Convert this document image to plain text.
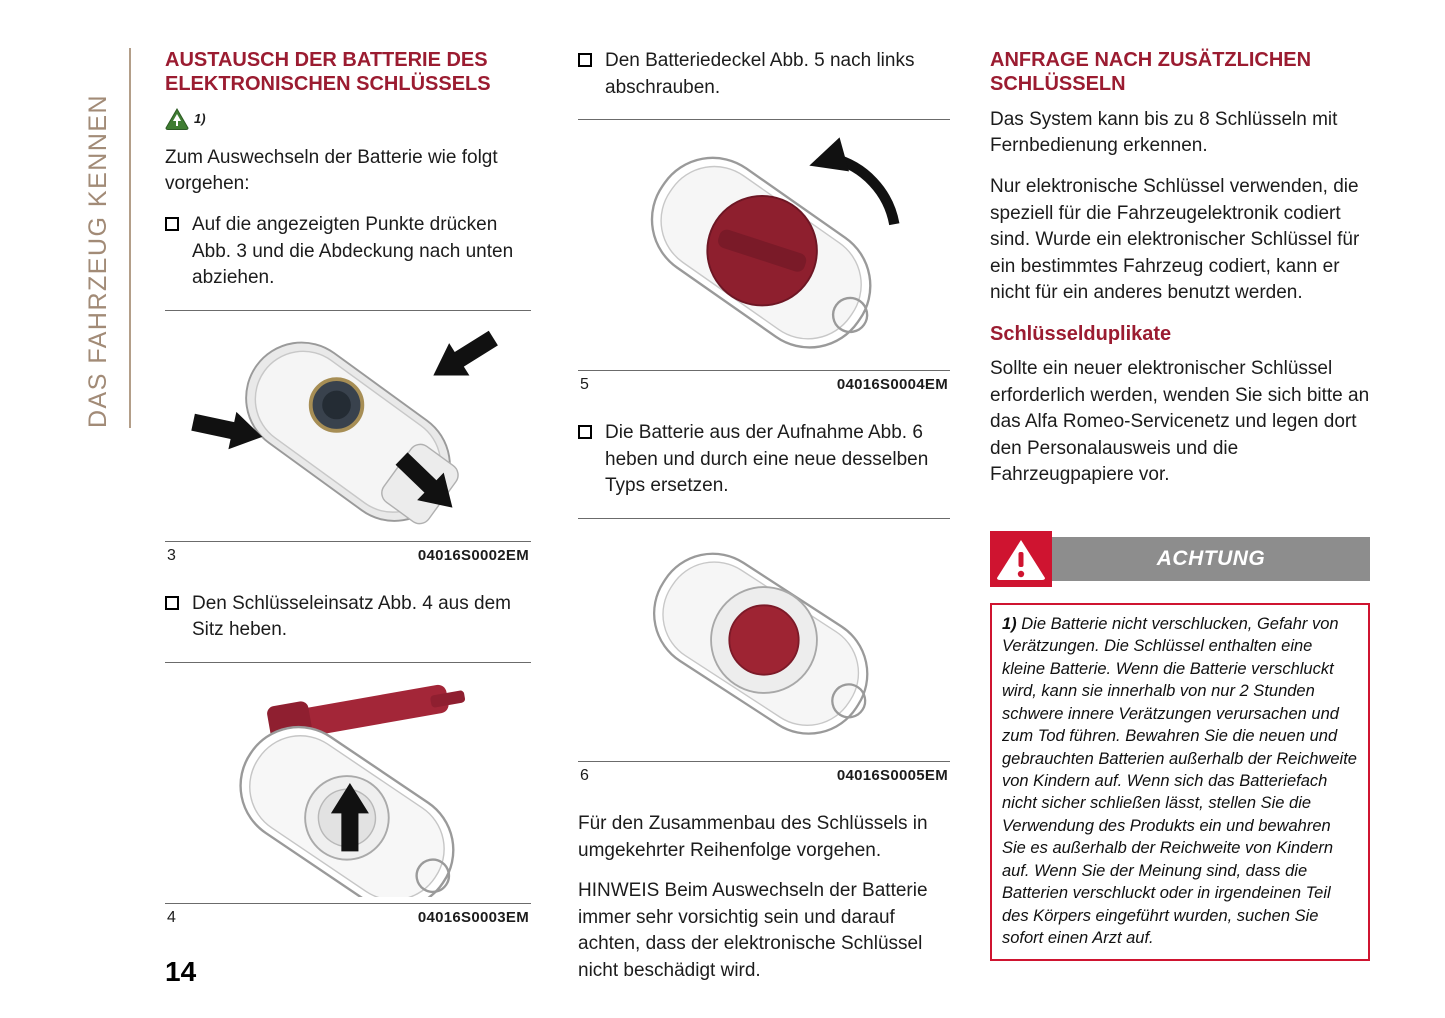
DAS FAHRZEUG KENNEN
AUSTAUSCH DER BATTERIE DES ELEKTRONISCHEN SCHLÜSSELS
1)

Zum Auswechseln der Batterie wie folgt vorgehen:

Auf die angezeigten Punkte drücken Abb. 3 und die Abdeckung nach unten abziehen.
3	04016S0002EM
Den Schlüsseleinsatz Abb. 4 aus dem Sitz heben.
4	04016S0003EM
Den Batteriedeckel Abb. 5 nach links abschrauben.
5	04016S0004EM
Die Batterie aus der Aufnahme Abb. 6 heben und durch eine neue desselben Typs ersetzen.
6	04016S0005EM

Für den Zusammenbau des Schlüssels in umgekehrter Reihenfolge vorgehen.

HINWEIS Beim Auswechseln der Batterie immer sehr vorsichtig sein und darauf achten, dass der elektronische Schlüssel nicht beschädigt wird.

ANFRAGE NACH ZUSÄTZLICHEN SCHLÜSSELN

Das System kann bis zu 8 Schlüsseln mit Fernbedienung erkennen.

Nur elektronische Schlüssel verwenden, die speziell für die Fahrzeugelektronik codiert sind. Wurde ein elektronischer Schlüssel für ein bestimmtes Fahrzeug codiert, kann er nicht für ein anderes benutzt werden.

Schlüsselduplikate

Sollte ein neuer elektronischer Schlüssel erforderlich werden, wenden Sie sich bitte an das Alfa Romeo-Servicenetz und legen dort den Personalausweis und die Fahrzeugpapiere vor.

ACHTUNG
1) Die Batterie nicht verschlucken, Gefahr von Verätzungen. Die Schlüssel enthalten eine kleine Batterie. Wenn die Batterie verschluckt wird, kann sie innerhalb von nur 2 Stunden schwere innere Verätzungen verursachen und zum Tod führen. Bewahren Sie die neuen und gebrauchten Batterien außerhalb der Reichweite von Kindern auf. Wenn sich das Batteriefach nicht sicher schließen lässt, stellen Sie die Verwendung des Produkts ein und bewahren Sie es außerhalb der Reichweite von Kindern auf. Wenn Sie der Meinung sind, dass die Batterien verschluckt oder in irgendeinen Teil des Körpers eingeführt wurden, suchen Sie sofort einen Arzt auf.
14
